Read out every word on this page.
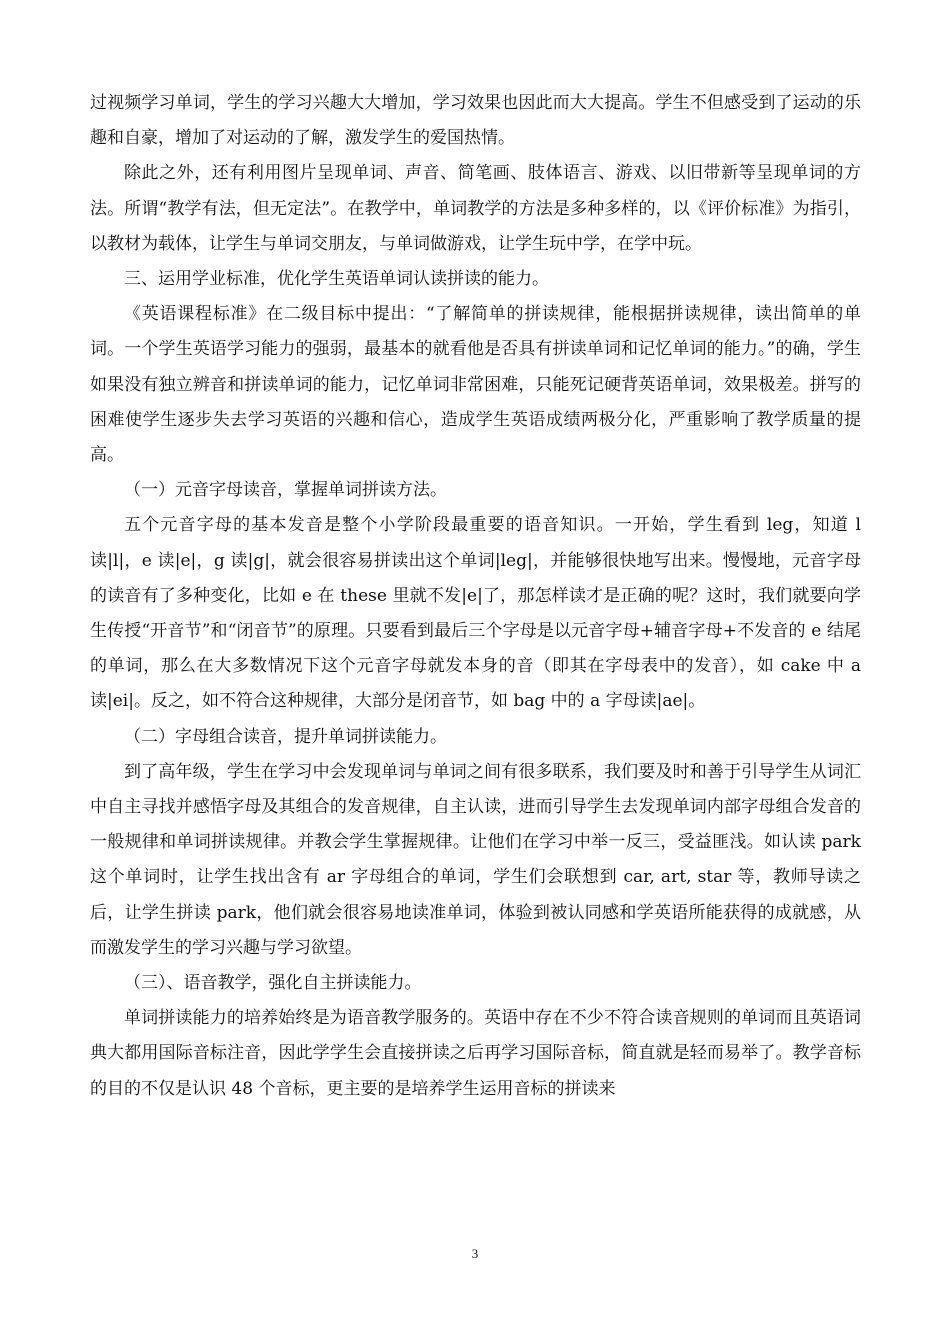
过视频学习单词，学生的学习兴趣大大增加，学习效果也因此而大大提高。学生不但感受到了运动的乐趣和自豪，增加了对运动的了解，激发学生的爱国热情。

除此之外，还有利用图片呈现单词、声音、简笔画、肢体语言、游戏、以旧带新等呈现单词的方法。所谓“教学有法，但无定法”。在教学中，单词教学的方法是多种多样的，以《评价标准》为指引，以教材为载体，让学生与单词交朋友，与单词做游戏，让学生玩中学，在学中玩。

三、运用学业标准，优化学生英语单词认读拼读的能力。

《英语课程标准》在二级目标中提出：“了解简单的拼读规律，能根据拼读规律，读出简单的单词。一个学生英语学习能力的强弱，最基本的就看他是否具有拼读单词和记忆单词的能力。”的确，学生如果没有独立辨音和拼读单词的能力，记忆单词非常困难，只能死记硬背英语单词，效果极差。拼写的困难使学生逐步失去学习英语的兴趣和信心，造成学生英语成绩两极分化，严重影响了教学质量的提高。

（一）元音字母读音，掌握单词拼读方法。

五个元音字母的基本发音是整个小学阶段最重要的语音知识。一开始，学生看到 leg，知道 l 读|l|，e 读|e|，g 读|g|，就会很容易拼读出这个单词|leg|，并能够很快地写出来。慢慢地，元音字母的读音有了多种变化，比如 e 在 these 里就不发|e|了，那怎样读才是正确的呢？这时，我们就要向学生传授“开音节”和“闭音节”的原理。只要看到最后三个字母是以元音字母+辅音字母+不发音的 e 结尾的单词，那么在大多数情况下这个元音字母就发本身的音（即其在字母表中的发音），如 cake 中 a 读|ei|。反之，如不符合这种规律，大部分是闭音节，如 bag 中的 a 字母读|ae|。

（二）字母组合读音，提升单词拼读能力。

到了高年级，学生在学习中会发现单词与单词之间有很多联系，我们要及时和善于引导学生从词汇中自主寻找并感悟字母及其组合的发音规律，自主认读，进而引导学生去发现单词内部字母组合发音的一般规律和单词拼读规律。并教会学生掌握规律。让他们在学习中举一反三，受益匪浅。如认读 park 这个单词时，让学生找出含有 ar 字母组合的单词，学生们会联想到 car, art, star 等，教师导读之后，让学生拼读 park，他们就会很容易地读准单词，体验到被认同感和学英语所能获得的成就感，从而激发学生的学习兴趣与学习欲望。

（三）、语音教学，强化自主拼读能力。

单词拼读能力的培养始终是为语音教学服务的。英语中存在不少不符合读音规则的单词而且英语词典大都用国际音标注音，因此学学生会直接拼读之后再学习国际音标，简直就是轻而易举了。教学音标的目的不仅是认识 48 个音标，更主要的是培养学生运用音标的拼读来

3
